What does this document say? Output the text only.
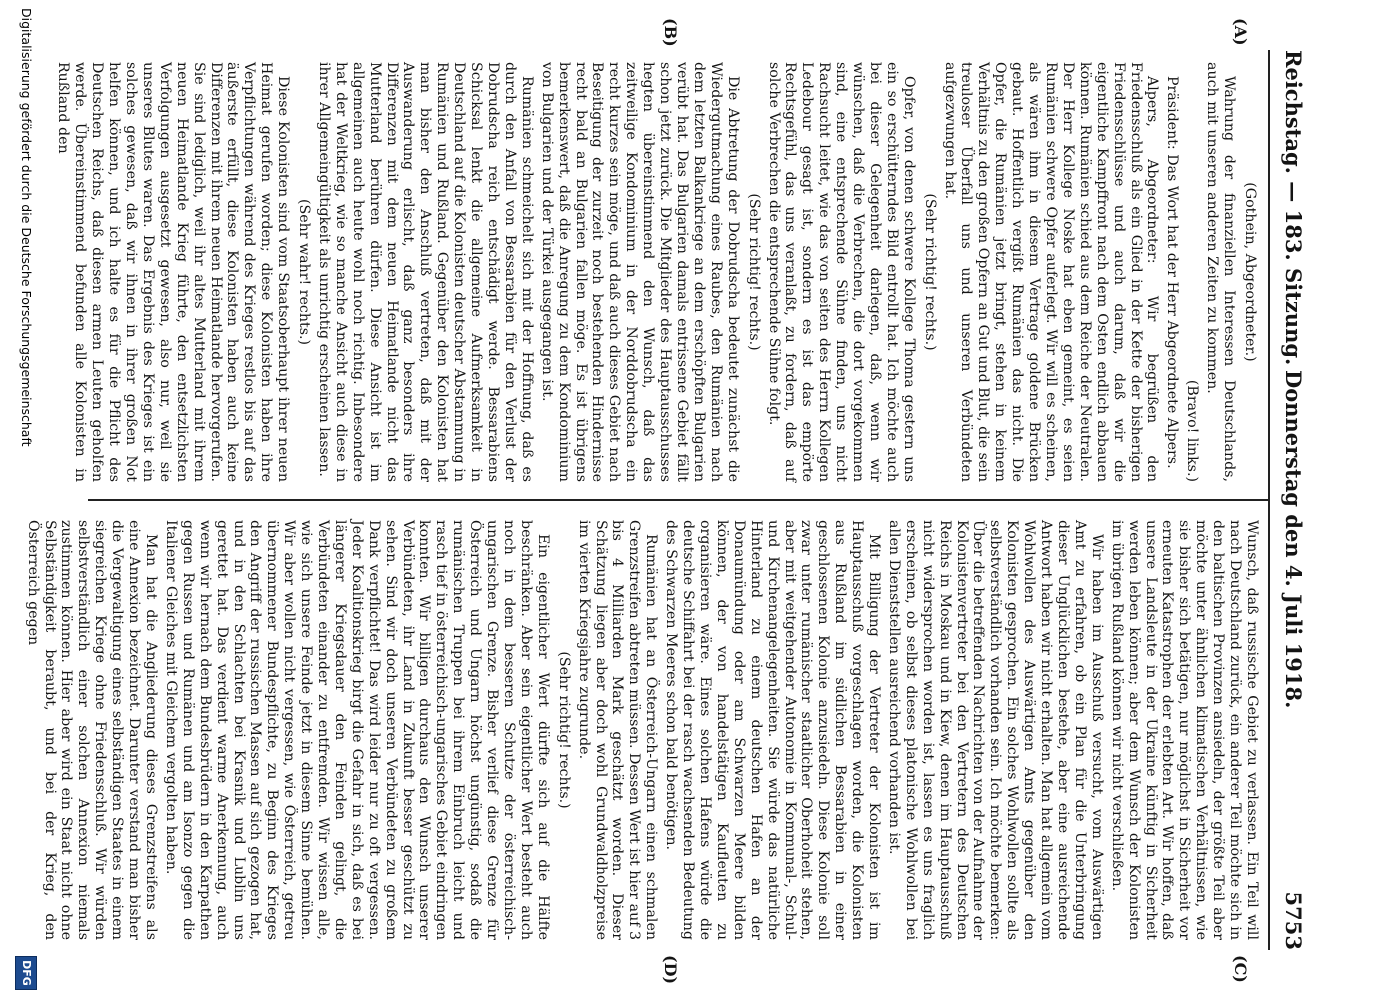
Reichstag. — 183. Sitzung.
Donnerstag den 4. Juli 1918.
5753
(A)
(B)
(C)
(D)

(Gothein, Abgeordneter.)

Wahrung der finanziellen Interessen Deutschlands, auch mit unseren anderen Zeiten zu kommen.

(Bravo! links.)

Präsident: Das Wort hat der Herr Abgeordnete Alpers.

Alpers, Abgeordneter: Wir begrüßen den Friedensschluß als ein Glied in der Kette der bisherigen Friedensschlüsse und auch darum, daß wir die eigentliche Kampffront nach dem Osten endlich abbauen können. Rumänien schied aus dem Reiche der Neutralen. Der Herr Kollege Noske hat eben gemeint, es seien Rumänien schwere Opfer auferlegt. Wir will es scheinen, als wären ihm in diesem Vertrage goldene Brücken gebaut. Hoffentlich vergißt Rumänien das nicht. Die Opfer, die Rumänien jetzt bringt, stehen in keinem Verhältnis zu den großen Opfern an Gut und Blut, die sein treuloser Überfall uns und unseren Verbündeten aufgezwungen hat.

(Sehr richtig! rechts.)

Opfer, von denen schwere Kollege Thoma gestern uns ein so erschütterndes Bild entrollt hat. Ich möchte auch bei dieser Gelegenheit darlegen, daß, wenn wir wünschen, daß die Verbrechen, die dort vorgekommen sind, eine entsprechende Sühne finden, uns nicht Rachsucht leitet, wie das von seiten des Herrn Kollegen Ledebour gesagt ist, sondern es ist das empörte Rechtsgefühl, das uns veranlaßt, zu fordern, daß auf solche Verbrechen die entsprechende Sühne folgt.

(Sehr richtig! rechts.)

Die Abtretung der Dobrudscha bedeutet zunächst die Wiedergutmachung eines Raubes, den Rumänien nach dem letzten Balkankriege an dem erschöpften Bulgarien verübt hat. Das Bulgarien damals entrissene Gebiet fällt schon jetzt zurück. Die Mitglieder des Hauptausschusses hegten übereinstimmend den Wunsch, daß das zeitweilige Kondominium in der Norddobrudscha ein recht kurzes sein möge, und daß auch dieses Gebiet nach Beseitigung der zurzeit noch bestehenden Hindernisse recht bald an Bulgarien fallen möge. Es ist übrigens bemerkenswert, daß die Anregung zu dem Kondominium von Bulgarien und der Türkei ausgegangen ist.

Rumänien schmeichelt sich mit der Hoffnung, daß es durch den Anfall von Bessarabien für den Verlust der Dobrudscha reich entschädigt werde. Bessarabiens Schicksal lenkt die allgemeine Aufmerksamkeit in Deutschland auf die Kolonisten deutscher Abstammung in Rumänien und Rußland. Gegenüber den Kolonisten hat man bisher den Anschluß vertreten, daß mit der Auswanderung erlischt, daß ganz besonders ihre Differenzen mit dem neuen Heimatlande nicht das Mutterland berühren dürfen. Diese Ansicht ist im allgemeinen auch heute wohl noch richtig. Inbesondere hat der Weltkrieg, wie so manche Ansicht auch diese in ihrer Allgemeingültigkeit als unrichtig erscheinen lassen.

(Sehr wahr! rechts.)

Diese Kolonisten sind vom Staatsoberhaupt ihrer neuen Heimat gerufen worden; diese Kolonisten haben ihre Verpflichtungen während des Krieges restlos bis auf das äußerste erfüllt, diese Kolonisten haben auch keine Differenzen mit ihrem neuen Heimatlande hervorgerufen. Sie sind lediglich, weil ihr altes Mutterland mit ihrem neuen Heimatlande Krieg führte, den entsetzlichsten Verfolgungen ausgesetzt gewesen, also nur, weil sie unseres Blutes waren. Das Ergebnis des Krieges ist ein solches gewesen, daß wir ihnen in ihrer großen Not helfen können, und ich halte es für die Pflicht des Deutschen Reichs, daß diesen armen Leuten geholfen werde. Übereinstimmend befunden alle Kolonisten in Rußland den

Wunsch, daß russische Gebiet zu verlassen. Ein Teil will nach Deutschland zurück, ein anderer Teil möchte sich in den baltischen Provinzen ansiedeln, der größte Teil aber möchte unter ähnlichen klimatischen Verhältnissen, wie sie bisher sich betätigen, nur möglichst in Sicherheit vor erneuten Katastrophen der erlebten Art. Wir hoffen, daß unsere Landsleute in der Ukraine künftig in Sicherheit werden leben können; aber dem Wunsch der Kolonisten im übrigen Rußland können wir nicht verschließen.

Wir haben im Ausschuß versucht, vom Auswärtigen Amt zu erfahren, ob ein Plan für die Unterbringung dieser Unglücklichen bestehe, aber eine ausreichende Antwort haben wir nicht erhalten. Man hat allgemein vom Wohlwollen des Auswärtigen Amts gegenüber den Kolonisten gesprochen. Ein solches Wohlwollen sollte als selbstverständlich vorhanden sein. Ich möchte bemerken: Über die betreffenden Nachrichten von der Aufnahme der Kolonistenvertreter bei den Vertretern des Deutschen Reichs in Moskau und in Kiew, denen im Hauptausschuß nicht widersprochen worden ist, lassen es uns fraglich erscheinen, ob selbst dieses platonische Wohlwollen bei allen Dienststellen ausreichend vorhanden ist.

Mit Billigung der Vertreter der Kolonisten ist im Hauptausschuß vorgeschlagen worden, die Kolonisten aus Rußland im südlichen Bessarabien in einer geschlossenen Kolonie anzusiedeln. Diese Kolonie soll zwar unter rumänischer staatlicher Oberhoheit stehen, aber mit weitgehender Autonomie in Kommunal-, Schul- und Kirchenangelegenheiten. Sie würde das natürliche Hinterland zu einem deutschen Hafen an der Donaumündung oder am Schwarzen Meere bilden können, der von handelstätigen Kaufleuten zu organisieren wäre. Eines solchen Hafens würde die deutsche Schiffahrt bei der rasch wachsenden Bedeutung des Schwarzen Meeres schon bald benötigen.

Rumänien hat an Österreich-Ungarn einen schmalen Grenzstreifen abtreten müssen. Dessen Wert ist hier auf 3 bis 4 Milliarden Mark geschätzt worden. Dieser Schätzung liegen aber doch wohl Grundwaldholzpreise im vierten Kriegsjahre zugrunde.

(Sehr richtig! rechts.)

Ein eigentlicher Wert dürfte sich auf die Hälfte beschränken. Aber sein eigentlicher Wert besteht auch noch in dem besseren Schutze der österreichisch-ungarischen Grenze. Bisher verlief diese Grenze für Österreich und Ungarn höchst ungünstig, sodaß die rumänischen Truppen bei ihrem Einbruch leicht und rasch tief in österreichisch-ungarisches Gebiet eindringen konnten. Wir billigen durchaus den Wunsch unserer Verbündeten, ihr Land in Zukunft besser geschützt zu sehen. Sind wir doch unseren Verbündeten zu großem Dank verpflichtet! Das wird leider nur zu oft vergessen. Jeder Koalitionskrieg birgt die Gefahr in sich, daß es bei längerer Kriegsdauer den Feinden gelingt, die Verbündeten einander zu entfremden. Wir wissen alle, wie sich unsere Feinde jetzt in diesem Sinne bemühen. Wir aber wollen nicht vergessen, wie Österreich, getreu übernommener Bundespflichte, zu Beginn des Krieges den Angriff der russischen Massen auf sich gezogen hat, und in den Schlachten bei Krasnik und Lublin uns gerettet hat. Das verdient warme Anerkennung, auch wenn wir hernach dem Bundesbrüdern in den Karpathen gegen Russen und Rumänen und am Isonzo gegen die Italiener Gleiches mit Gleichem vergolten haben.

Man hat die Angliederung dieses Grenzstreifens als eine Annexion bezeichnet. Darunter verstand man bisher die Vergewaltigung eines selbständigen Staates in einem siegreichen Kriege ohne Friedensschluß. Wir würden selbstverständlich einer solchen Annexion niemals zustimmen können. Hier aber wird ein Staat nicht ohne Selbständigkeit beraubt, und bei der Krieg, den Österreich gegen

Digitalisierung gefördert durch die Deutsche Forschungsgemeinschaft
DFG
